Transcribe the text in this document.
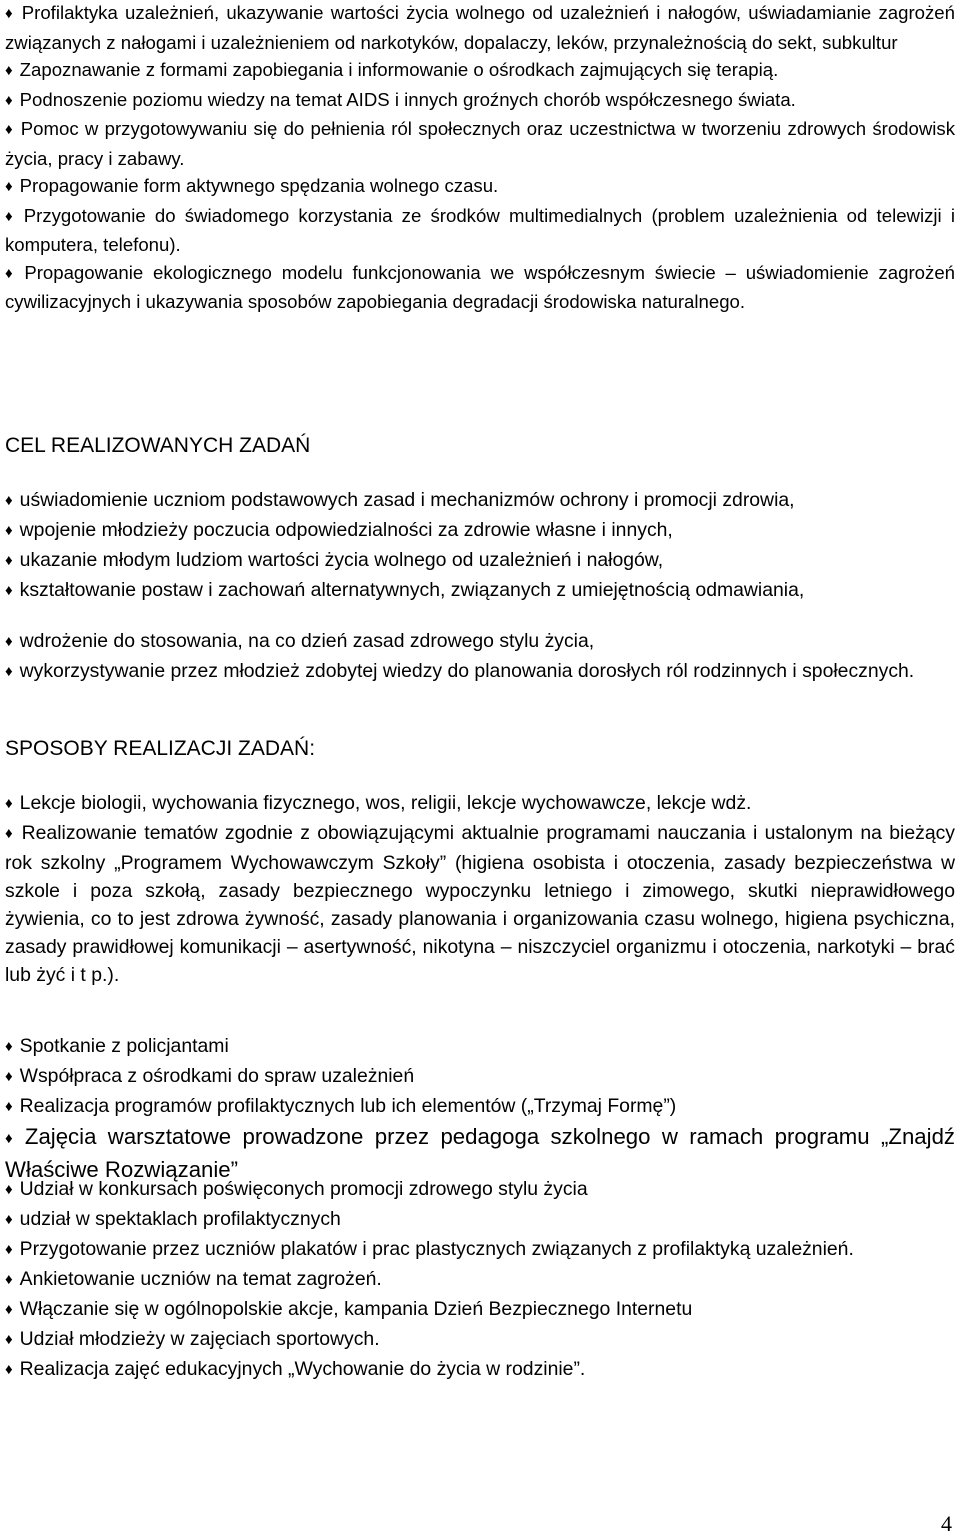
♦ Profilaktyka uzależnień, ukazywanie wartości życia wolnego od uzależnień i nałogów, uświadamianie zagrożeń związanych z nałogami i uzależnieniem od narkotyków, dopalaczy, leków, przynależnością do sekt, subkultur

♦ Zapoznawanie z formami zapobiegania i informowanie o ośrodkach zajmujących się terapią.

♦ Podnoszenie poziomu wiedzy na temat AIDS i innych groźnych chorób współczesnego świata.

♦ Pomoc w przygotowywaniu się do pełnienia ról społecznych oraz uczestnictwa w tworzeniu zdrowych środowisk życia, pracy i zabawy.

♦ Propagowanie form aktywnego spędzania wolnego czasu.

♦ Przygotowanie do świadomego korzystania ze środków multimedialnych (problem uzależnienia od telewizji i komputera, telefonu).

♦ Propagowanie ekologicznego modelu funkcjonowania we współczesnym świecie – uświadomienie zagrożeń cywilizacyjnych i ukazywania sposobów zapobiegania degradacji środowiska naturalnego.

CEL REALIZOWANYCH ZADAŃ

♦ uświadomienie uczniom podstawowych zasad i mechanizmów ochrony i promocji zdrowia,

♦ wpojenie młodzieży poczucia odpowiedzialności za zdrowie własne i innych,

♦ ukazanie młodym ludziom wartości życia wolnego od uzależnień i nałogów,

♦ kształtowanie postaw i zachowań alternatywnych, związanych z umiejętnością odmawiania,

♦ wdrożenie do stosowania, na co dzień zasad zdrowego stylu życia,

♦ wykorzystywanie przez młodzież zdobytej wiedzy do planowania dorosłych ról rodzinnych i społecznych.

SPOSOBY REALIZACJI ZADAŃ:

♦ Lekcje biologii, wychowania fizycznego, wos, religii, lekcje wychowawcze, lekcje wdż.

♦ Realizowanie tematów zgodnie z obowiązującymi aktualnie programami nauczania i ustalonym na bieżący rok szkolny „Programem Wychowawczym Szkoły” (higiena osobista i otoczenia, zasady bezpieczeństwa w szkole i poza szkołą, zasady bezpiecznego wypoczynku letniego i zimowego, skutki nieprawidłowego żywienia, co to jest zdrowa żywność, zasady planowania i organizowania czasu wolnego, higiena psychiczna, zasady prawidłowej komunikacji – asertywność, nikotyna – niszczyciel organizmu i otoczenia, narkotyki – brać lub żyć i t p.).

♦ Spotkanie z policjantami

♦ Współpraca z ośrodkami do spraw uzależnień

♦ Realizacja programów profilaktycznych lub ich elementów („Trzymaj Formę”)

♦ Zajęcia warsztatowe prowadzone przez pedagoga szkolnego w ramach programu „Znajdź Właściwe Rozwiązanie”

♦ Udział w konkursach poświęconych promocji zdrowego stylu życia

♦ udział w spektaklach profilaktycznych

♦ Przygotowanie przez uczniów plakatów i prac plastycznych związanych z profilaktyką uzależnień.

♦ Ankietowanie uczniów na temat zagrożeń.

♦ Włączanie się w ogólnopolskie akcje, kampania Dzień Bezpiecznego Internetu

♦ Udział młodzieży w zajęciach sportowych.

♦ Realizacja zajęć edukacyjnych „Wychowanie do życia w rodzinie”.

4
